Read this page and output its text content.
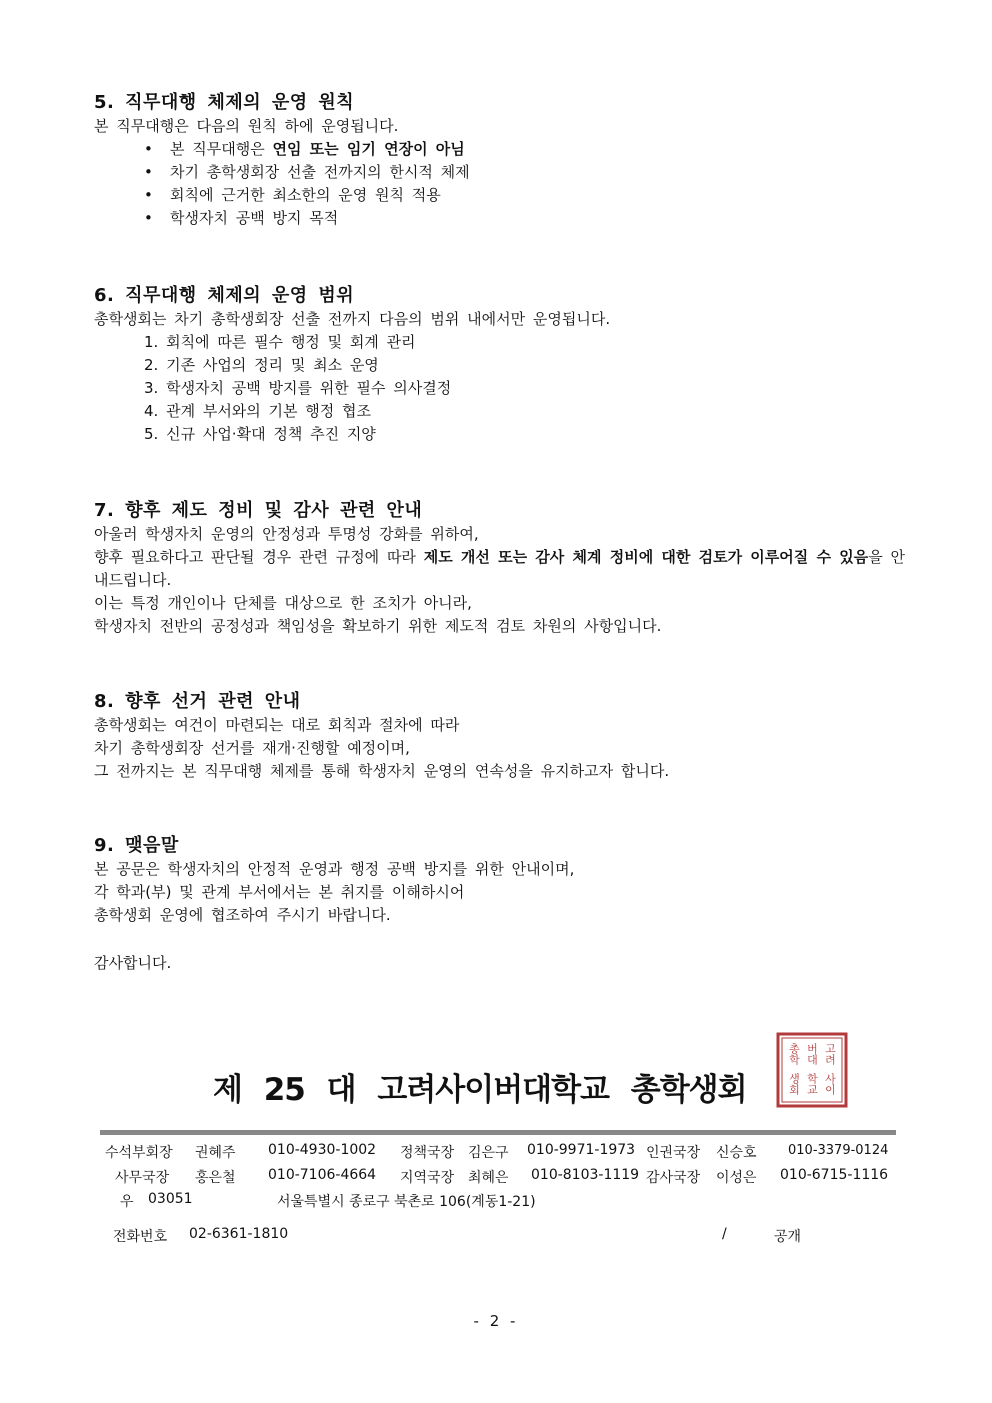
5. 직무대행 체제의 운영 원칙
본 직무대행은 다음의 원칙 하에 운영됩니다.
• 본 직무대행은 연임 또는 임기 연장이 아님
• 차기 총학생회장 선출 전까지의 한시적 체제
• 회칙에 근거한 최소한의 운영 원칙 적용
• 학생자치 공백 방지 목적
6. 직무대행 체제의 운영 범위
총학생회는 차기 총학생회장 선출 전까지 다음의 범위 내에서만 운영됩니다.
1. 회칙에 따른 필수 행정 및 회계 관리
2. 기존 사업의 정리 및 최소 운영
3. 학생자치 공백 방지를 위한 필수 의사결정
4. 관계 부서와의 기본 행정 협조
5. 신규 사업·확대 정책 추진 지양
7. 향후 제도 정비 및 감사 관련 안내
아울러 학생자치 운영의 안정성과 투명성 강화를 위하여,
향후 필요하다고 판단될 경우 관련 규정에 따라 제도 개선 또는 감사 체계 정비에 대한 검토가 이루어질 수 있음을 안내드립니다.
이는 특정 개인이나 단체를 대상으로 한 조치가 아니라,
학생자치 전반의 공정성과 책임성을 확보하기 위한 제도적 검토 차원의 사항입니다.
8. 향후 선거 관련 안내
총학생회는 여건이 마련되는 대로 회칙과 절차에 따라
차기 총학생회장 선거를 재개·진행할 예정이며,
그 전까지는 본 직무대행 체제를 통해 학생자치 운영의 연속성을 유지하고자 합니다.
9. 맺음말
본 공문은 학생자치의 안정적 운영과 행정 공백 방지를 위한 안내이며,
각 학과(부) 및 관계 부서에서는 본 취지를 이해하시어
총학생회 운영에 협조하여 주시기 바랍니다.
감사합니다.
제 25 대 고려사이버대학교 총학생회
고려
사이
버대
학교
총학
생회
수석부회장 권혜주 010-4930-1002 정책국장 김은구 010-9971-1973 인권국장 신승호 010-3379-0124
사무국장 홍은철 010-7106-4664 지역국장 최혜은 010-8103-1119 감사국장 이성은 010-6715-1116
우 03051	서울특별시 종로구 북촌로 106(계동1-21)
전화번호 02-6361-1810	/	공개
- 2 -
